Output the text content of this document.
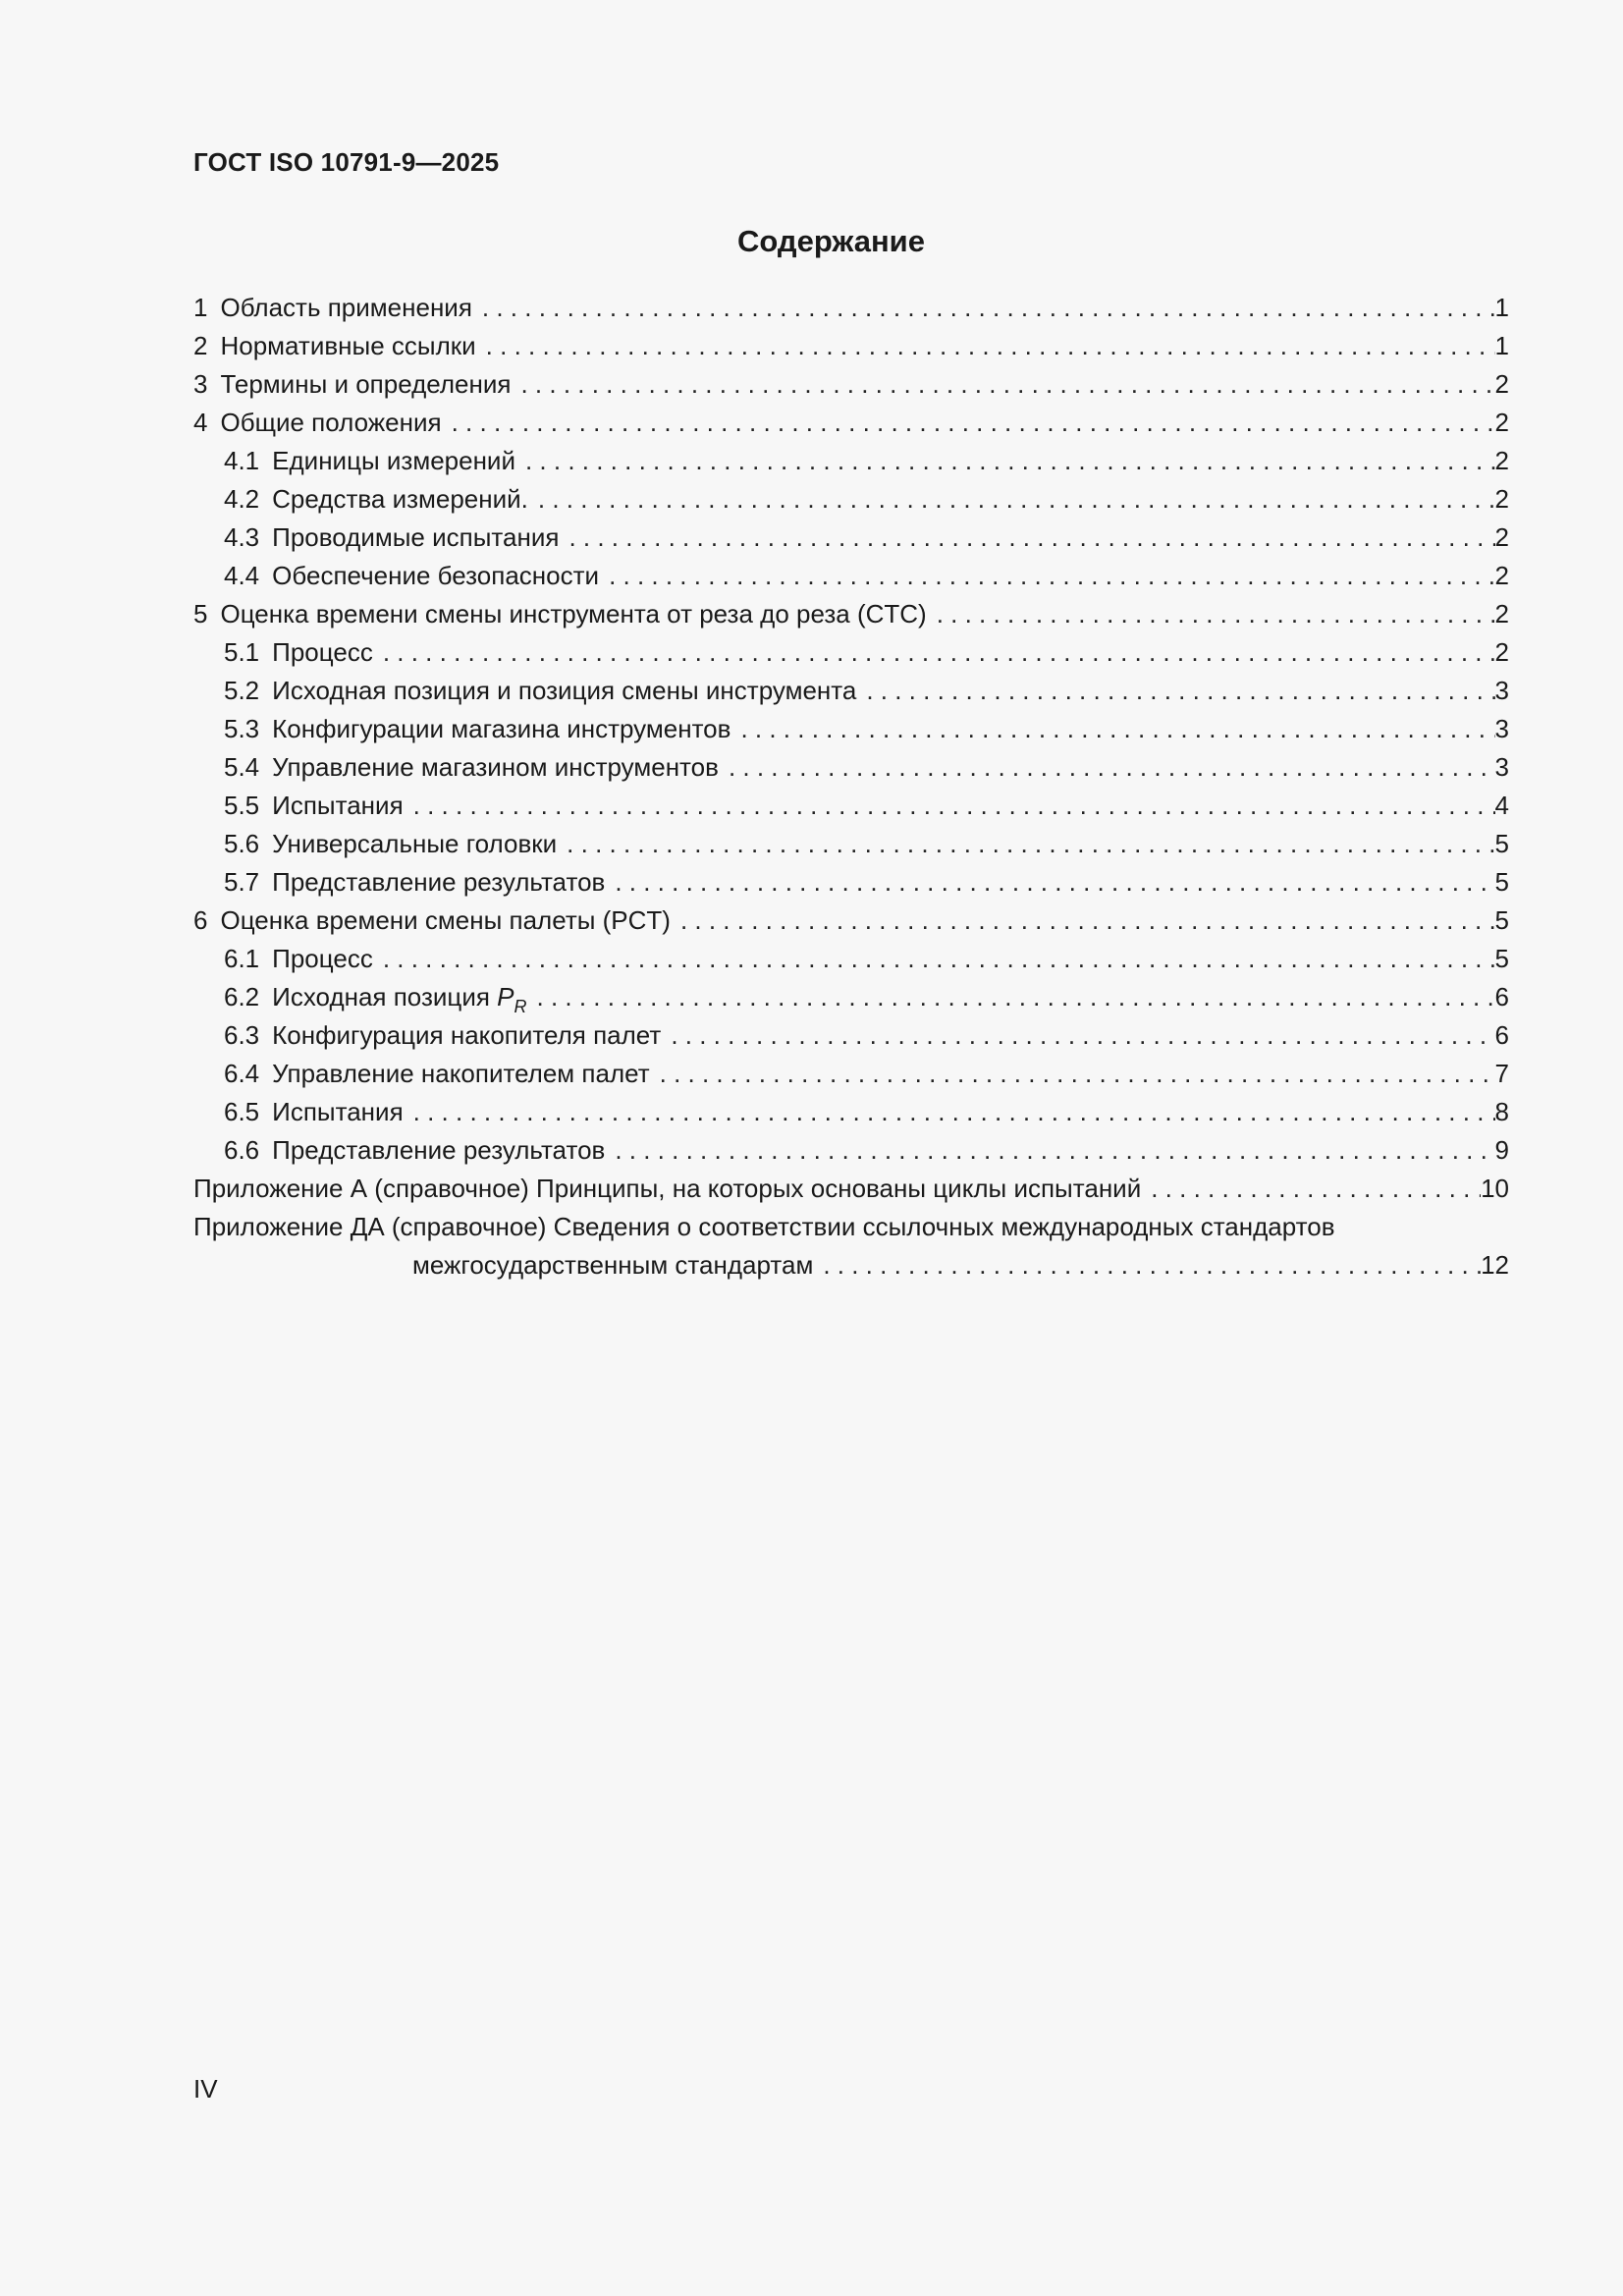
ГОСТ ISO 10791-9—2025
Содержание
1 Область применения . . .	1
2 Нормативные ссылки . . .	1
3 Термины и определения . . .	2
4 Общие положения . . .	2
4.1 Единицы измерений . . .	2
4.2 Средства измерений. . . .	2
4.3 Проводимые испытания . . .	2
4.4 Обеспечение безопасности . . .	2
5 Оценка времени смены инструмента от реза до реза (CTC) . . .	2
5.1 Процесс . . .	2
5.2 Исходная позиция и позиция смены инструмента . . .	3
5.3 Конфигурации магазина инструментов . . .	3
5.4 Управление магазином инструментов . . .	3
5.5 Испытания . . .	4
5.6 Универсальные головки . . .	5
5.7 Представление результатов . . .	5
6 Оценка времени смены палеты (PCT) . . .	5
6.1 Процесс . . .	5
6.2 Исходная позиция $P_R$ . . .	6
6.3 Конфигурация накопителя палет . . .	6
6.4 Управление накопителем палет . . .	7
6.5 Испытания . . .	8
6.6 Представление результатов . . .	9
Приложение А (справочное) Принципы, на которых основаны циклы испытаний . . .	10
Приложение ДА (справочное) Сведения о соответствии ссылочных международных стандартов
межгосударственным стандартам . . .	12
IV
